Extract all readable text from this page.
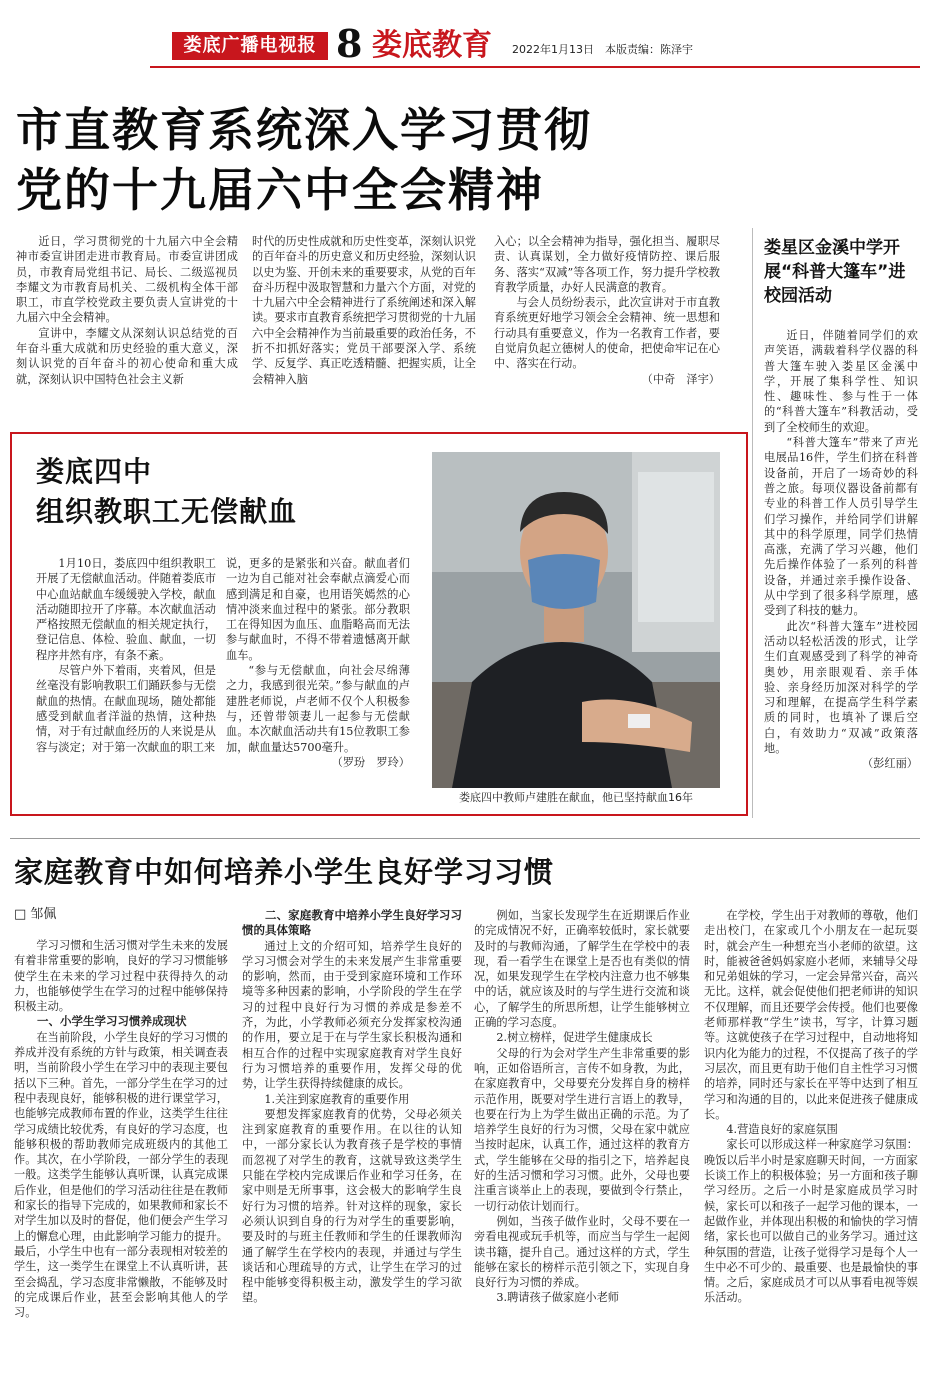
娄底广播电视报 8 娄底教育 2022年1月13日　本版责编：陈泽宇
市直教育系统深入学习贯彻
党的十九届六中全会精神

近日，学习贯彻党的十九届六中全会精神市委宣讲团走进市教育局。市委宣讲团成员，市教育局党组书记、局长、二级巡视员李耀文为市教育局机关、二级机构全体干部职工，市直学校党政主要负责人宣讲党的十九届六中全会精神。

宣讲中，李耀文从深刻认识总结党的百年奋斗重大成就和历史经验的重大意义，深刻认识党的百年奋斗的初心使命和重大成就，深刻认识中国特色社会主义新

时代的历史性成就和历史性变革，深刻认识党的百年奋斗的历史意义和历史经验，深刻认识以史为鉴、开创未来的重要要求，从党的百年奋斗历程中汲取智慧和力量六个方面，对党的十九届六中全会精神进行了系统阐述和深入解读。要求市直教育系统把学习贯彻党的十九届六中全会精神作为当前最重要的政治任务，不折不扣抓好落实；党员干部要深入学、系统学、反复学、真正吃透精髓、把握实质，让全会精神入脑

入心；以全会精神为指导，强化担当、履职尽责、认真谋划，全力做好疫情防控、课后服务、落实“双减”等各项工作，努力提升学校教育教学质量，办好人民满意的教育。

与会人员纷纷表示，此次宣讲对于市直教育系统更好地学习领会全会精神、统一思想和行动具有重要意义，作为一名教育工作者，要自觉肩负起立德树人的使命，把使命牢记在心中、落实在行动。

（中奇　泽宇）

娄星区金溪中学开展“科普大篷车”进校园活动

近日，伴随着同学们的欢声笑语，满载着科学仪器的科普大篷车驶入娄星区金溪中学，开展了集科学性、知识性、趣味性、参与性于一体的“科普大篷车”科教活动，受到了全校师生的欢迎。

“科普大篷车”带来了声光电展品16件，学生们挤在科普设备前，开启了一场奇妙的科普之旅。每项仪器设备前都有专业的科普工作人员引导学生们学习操作，并给同学们讲解其中的科学原理，同学们热情高涨，充满了学习兴趣，他们先后操作体验了一系列的科普设备，并通过亲手操作设备、从中学到了很多科学原理，感受到了科技的魅力。

此次“科普大篷车”进校园活动以轻松活泼的形式，让学生们直观感受到了科学的神奇奥妙，用亲眼观看、亲手体验、亲身经历加深对科学的学习和理解，在提高学生科学素质的同时，也填补了课后空白，有效助力“双减”政策落地。

（彭红丽）

娄底四中
组织教职工无偿献血

1月10日，娄底四中组织教职工开展了无偿献血活动。伴随着娄底市中心血站献血车缓缓驶入学校，献血活动随即拉开了序幕。本次献血活动严格按照无偿献血的相关规定执行，登记信息、体检、验血、献血，一切程序井然有序，有条不紊。

尽管户外下着雨，夹着风，但是丝毫没有影响教职工们踊跃参与无偿献血的热情。在献血现场，随处都能感受到献血者洋溢的热情，这种热情，对于有过献血经历的人来说是从容与淡定；对于第一次献血的职工来

说，更多的是紧张和兴奋。献血者们一边为自己能对社会奉献点滴爱心而感到满足和自豪，也用语笑嫣然的心情冲淡来血过程中的紧张。部分教职工在得知因为血压、血脂略高而无法参与献血时，不得不带着遗憾离开献血车。

“参与无偿献血，向社会尽绵薄之力，我感到很光荣。”参与献血的卢建胜老师说，卢老师不仅个人积极参与，还曾带领妻儿一起参与无偿献血。本次献血活动共有15位教职工参加，献血量达5700毫升。

（罗玢　罗玲）

娄底四中教师卢建胜在献血，他已坚持献血16年
家庭教育中如何培养小学生良好学习习惯
□ 邹佩

学习习惯和生活习惯对学生未来的发展有着非常重要的影响，良好的学习习惯能够使学生在未来的学习过程中获得持久的动力，也能够使学生在学习的过程中能够保持积极主动。

一、小学生学习习惯养成现状

在当前阶段，小学生良好的学习习惯的养成并没有系统的方针与政策，相关调查表明，当前阶段小学生在学习中的表现主要包括以下三种。首先，一部分学生在学习的过程中表现良好，能够积极的进行课堂学习，也能够完成教师布置的作业，这类学生往往学习成绩比较优秀，有良好的学习态度，也能够积极的帮助教师完成班级内的其他工作。其次，在小学阶段，一部分学生的表现一般。这类学生能够认真听课，认真完成课后作业，但是他们的学习活动往往是在教师和家长的指导下完成的，如果教师和家长不对学生加以及时的督促，他们便会产生学习上的懈怠心理，由此影响学习能力的提升。最后，小学生中也有一部分表现相对较差的学生，这一类学生在课堂上不认真听讲，甚至会捣乱，学习态度非常懒散，不能够及时的完成课后作业，甚至会影响其他人的学习。

二、家庭教育中培养小学生良好学习习惯的具体策略

通过上文的介绍可知，培养学生良好的学习习惯会对学生的未来发展产生非常重要的影响，然而，由于受到家庭环境和工作环境等多种因素的影响，小学阶段的学生在学习的过程中良好行为习惯的养成是参差不齐，为此，小学教师必须充分发挥家校沟通的作用，要立足于在与学生家长积极沟通和相互合作的过程中实现家庭教育对学生良好行为习惯培养的重要作用，发挥父母的优势，让学生获得持续健康的成长。

1.关注到家庭教育的重要作用

要想发挥家庭教育的优势，父母必须关注到家庭教育的重要作用。在以往的认知中，一部分家长认为教育孩子是学校的事情而忽视了对学生的教育，这就导致这类学生只能在学校内完成课后作业和学习任务，在家中则是无所事事，这会极大的影响学生良好行为习惯的培养。针对这样的现象，家长必须认识到自身的行为对学生的重要影响，要及时的与班主任教师和学生的任课教师沟通了解学生在学校内的表现，并通过与学生谈话和心理疏导的方式，让学生在学习的过程中能够变得积极主动，激发学生的学习欲望。

例如，当家长发现学生在近期课后作业的完成情况不好，正确率较低时，家长就要及时的与教师沟通，了解学生在学校中的表现，看一看学生在课堂上是否也有类似的情况，如果发现学生在学校内注意力也不够集中的话，就应该及时的与学生进行交流和谈心，了解学生的所思所想，让学生能够树立正确的学习态度。

2.树立榜样，促进学生健康成长

父母的行为会对学生产生非常重要的影响，正如俗语所言，言传不如身教，为此，在家庭教育中，父母要充分发挥自身的榜样示范作用，既要对学生进行言语上的教导，也要在行为上为学生做出正确的示范。为了培养学生良好的行为习惯，父母在家中就应当按时起床，认真工作，通过这样的教育方式，学生能够在父母的指引之下，培养起良好的生活习惯和学习习惯。此外，父母也要注重言谈举止上的表现，要做到令行禁止，一切行动依计划而行。

例如，当孩子做作业时，父母不要在一旁看电视或玩手机等，而应当与学生一起阅读书籍，提升自己。通过这样的方式，学生能够在家长的榜样示范引领之下，实现自身良好行为习惯的养成。

3.聘请孩子做家庭小老师

在学校，学生出于对教师的尊敬，他们走出校门，在家或几个小朋友在一起玩耍时，就会产生一种想充当小老师的欲望。这时，能被爸爸妈妈家庭小老师，来辅导父母和兄弟姐妹的学习，一定会异常兴奋，高兴无比。这样，就会促使他们把老师讲的知识不仅理解，而且还要学会传授。他们也要像老师那样教“学生”读书，写字，计算习题等。这就使孩子在学习过程中，自动地将知识内化为能力的过程，不仅提高了孩子的学习层次，而且更有助于他们自主性学习习惯的培养，同时还与家长在平等中达到了相互学习和沟通的目的，以此来促进孩子健康成长。

4.营造良好的家庭氛围

家长可以形成这样一种家庭学习氛围：晚饭以后半小时是家庭聊天时间，一方面家长谈工作上的积极体验；另一方面和孩子聊学习经历。之后一小时是家庭成员学习时候，家长可以和孩子一起学习他的课本，一起做作业，并体现出积极的和愉快的学习情绪，家长也可以做自己的业务学习。通过这种氛围的营造，让孩子觉得学习是每个人一生中必不可少的、最重要、也是最愉快的事情。之后，家庭成员才可以从事看电视等娱乐活动。
